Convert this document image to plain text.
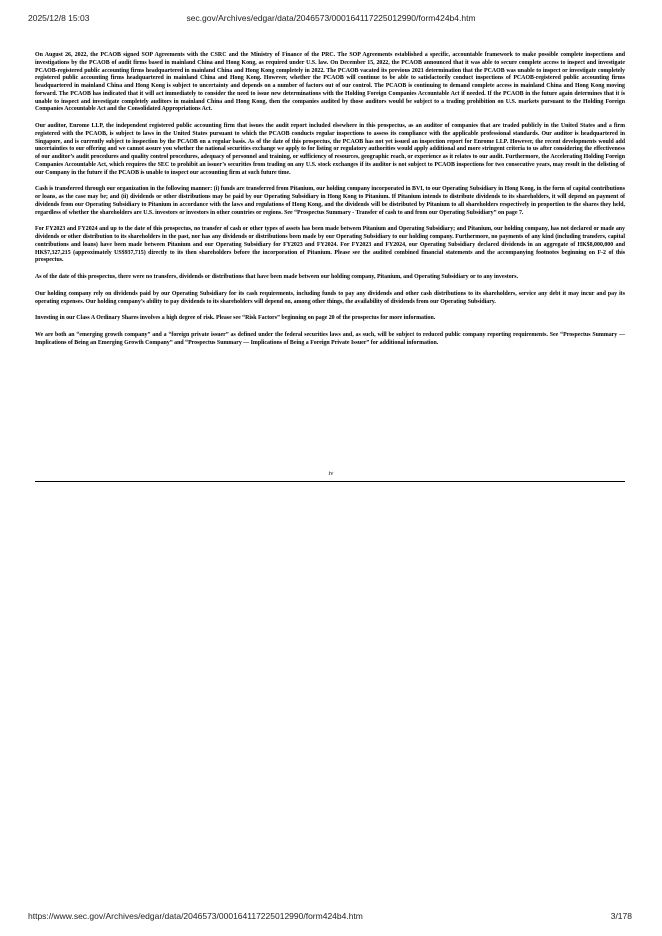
2025/12/8 15:03	sec.gov/Archives/edgar/data/2046573/000164117225012990/form424b4.htm

On August 26, 2022, the PCAOB signed SOP Agreements with the CSRC and the Ministry of Finance of the PRC. The SOP Agreements established a specific, accountable framework to make possible complete inspections and investigations by the PCAOB of audit firms based in mainland China and Hong Kong, as required under U.S. law. On December 15, 2022, the PCAOB announced that it was able to secure complete access to inspect and investigate PCAOB-registered public accounting firms headquartered in mainland China and Hong Kong completely in 2022. The PCAOB vacated its previous 2021 determination that the PCAOB was unable to inspect or investigate completely registered public accounting firms headquartered in mainland China and Hong Kong. However, whether the PCAOB will continue to be able to satisfactorily conduct inspections of PCAOB-registered public accounting firms headquartered in mainland China and Hong Kong is subject to uncertainty and depends on a number of factors out of our control. The PCAOB is continuing to demand complete access in mainland China and Hong Kong moving forward. The PCAOB has indicated that it will act immediately to consider the need to issue new determinations with the Holding Foreign Companies Accountable Act if needed. If the PCAOB in the future again determines that it is unable to inspect and investigate completely auditors in mainland China and Hong Kong, then the companies audited by those auditors would be subject to a trading prohibition on U.S. markets pursuant to the Holding Foreign Companies Accountable Act and the Consolidated Appropriations Act.

Our auditor, Enrome LLP, the independent registered public accounting firm that issues the audit report included elsewhere in this prospectus, as an auditor of companies that are traded publicly in the United States and a firm registered with the PCAOB, is subject to laws in the United States pursuant to which the PCAOB conducts regular inspections to assess its compliance with the applicable professional standards. Our auditor is headquartered in Singapore, and is currently subject to inspection by the PCAOB on a regular basis. As of the date of this prospectus, the PCAOB has not yet issued an inspection report for Enrome LLP. However, the recent developments would add uncertainties to our offering and we cannot assure you whether the national securities exchange we apply to for listing or regulatory authorities would apply additional and more stringent criteria to us after considering the effectiveness of our auditor’s audit procedures and quality control procedures, adequacy of personnel and training, or sufficiency of resources, geographic reach, or experience as it relates to our audit. Furthermore, the Accelerating Holding Foreign Companies Accountable Act, which requires the SEC to prohibit an issuer’s securities from trading on any U.S. stock exchanges if its auditor is not subject to PCAOB inspections for two consecutive years, may result in the delisting of our Company in the future if the PCAOB is unable to inspect our accounting firm at such future time.

Cash is transferred through our organization in the following manner: (i) funds are transferred from Pitanium, our holding company incorporated in BVI, to our Operating Subsidiary in Hong Kong, in the form of capital contributions or loans, as the case may be; and (ii) dividends or other distributions may be paid by our Operating Subsidiary in Hong Kong to Pitanium. If Pitanium intends to distribute dividends to its shareholders, it will depend on payment of dividends from our Operating Subsidiary to Pitanium in accordance with the laws and regulations of Hong Kong, and the dividends will be distributed by Pitanium to all shareholders respectively in proportion to the shares they held, regardless of whether the shareholders are U.S. investors or investors in other countries or regions. See “Prospectus Summary - Transfer of cash to and from our Operating Subsidiary” on page 7.

For FY2023 and FY2024 and up to the date of this prospectus, no transfer of cash or other types of assets has been made between Pitanium and Operating Subsidiary; and Pitanium, our holding company, has not declared or made any dividends or other distribution to its shareholders in the past, nor has any dividends or distributions been made by our Operating Subsidiary to our holding company. Furthermore, no payments of any kind (including transfers, capital contributions and loans) have been made between Pitanium and our Operating Subsidiary for FY2023 and FY2024. For FY2023 and FY2024, our Operating Subsidiary declared dividends in an aggregate of HK$8,000,000 and HK$7,327,215 (approximately US$937,715) directly to its then shareholders before the incorporation of Pitanium. Please see the audited combined financial statements and the accompanying footnotes beginning on F-2 of this prospectus.

As of the date of this prospectus, there were no transfers, dividends or distributions that have been made between our holding company, Pitanium, and Operating Subsidiary or to any investors.

Our holding company rely on dividends paid by our Operating Subsidiary for its cash requirements, including funds to pay any dividends and other cash distributions to its shareholders, service any debt it may incur and pay its operating expenses. Our holding company’s ability to pay dividends to its shareholders will depend on, among other things, the availability of dividends from our Operating Subsidiary.

Investing in our Class A Ordinary Shares involves a high degree of risk. Please see “Risk Factors” beginning on page 20 of the prospectus for more information.

We are both an “emerging growth company” and a “foreign private issuer” as defined under the federal securities laws and, as such, will be subject to reduced public company reporting requirements. See “Prospectus Summary — Implications of Being an Emerging Growth Company” and “Prospectus Summary — Implications of Being a Foreign Private Issuer” for additional information.

iv
https://www.sec.gov/Archives/edgar/data/2046573/000164117225012990/form424b4.htm	3/178
